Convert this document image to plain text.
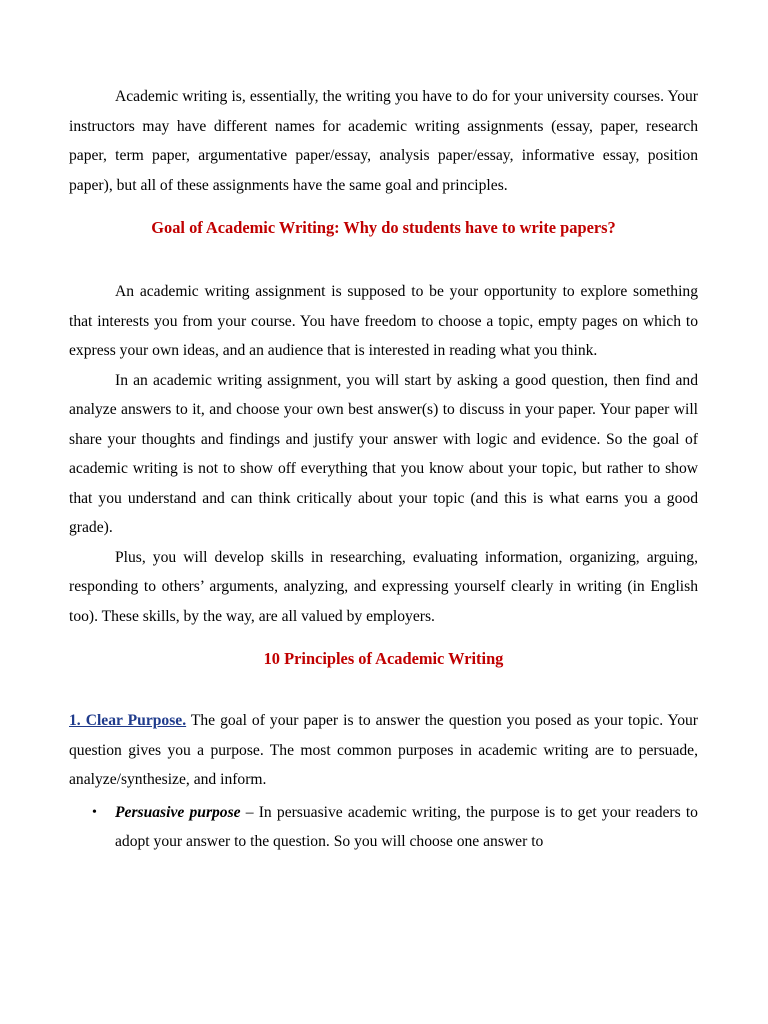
Academic writing is, essentially, the writing you have to do for your university courses. Your instructors may have different names for academic writing assignments (essay, paper, research paper, term paper, argumentative paper/essay, analysis paper/essay, informative essay, position paper), but all of these assignments have the same goal and principles.

Goal of Academic Writing: Why do students have to write papers?

An academic writing assignment is supposed to be your opportunity to explore something that interests you from your course. You have freedom to choose a topic, empty pages on which to express your own ideas, and an audience that is interested in reading what you think.

In an academic writing assignment, you will start by asking a good question, then find and analyze answers to it, and choose your own best answer(s) to discuss in your paper. Your paper will share your thoughts and findings and justify your answer with logic and evidence. So the goal of academic writing is not to show off everything that you know about your topic, but rather to show that you understand and can think critically about your topic (and this is what earns you a good grade).

Plus, you will develop skills in researching, evaluating information, organizing, arguing, responding to others’ arguments, analyzing, and expressing yourself clearly in writing (in English too). These skills, by the way, are all valued by employers.

10 Principles of Academic Writing

1. Clear Purpose. The goal of your paper is to answer the question you posed as your topic. Your question gives you a purpose. The most common purposes in academic writing are to persuade, analyze/synthesize, and inform.

• Persuasive purpose – In persuasive academic writing, the purpose is to get your readers to adopt your answer to the question. So you will choose one answer to
